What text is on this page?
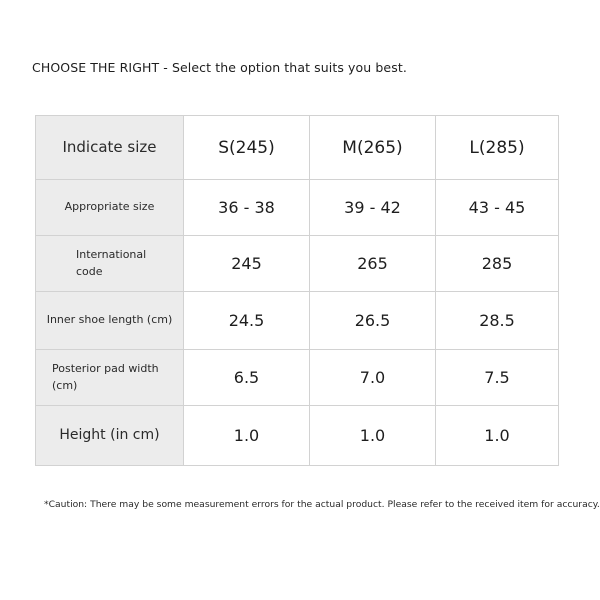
CHOOSE THE RIGHT - Select the option that suits you best.
Indicate size	S(245)	M(265)	L(285)
Appropriate size	36 - 38	39 - 42	43 - 45

International
code	245	265	285
Inner shoe length (cm)	24.5	26.5	28.5

Posterior pad width
(cm)	6.5	7.0	7.5
Height (in cm)	1.0	1.0	1.0
*Caution: There may be some measurement errors for the actual product. Please refer to the received item for accuracy.
